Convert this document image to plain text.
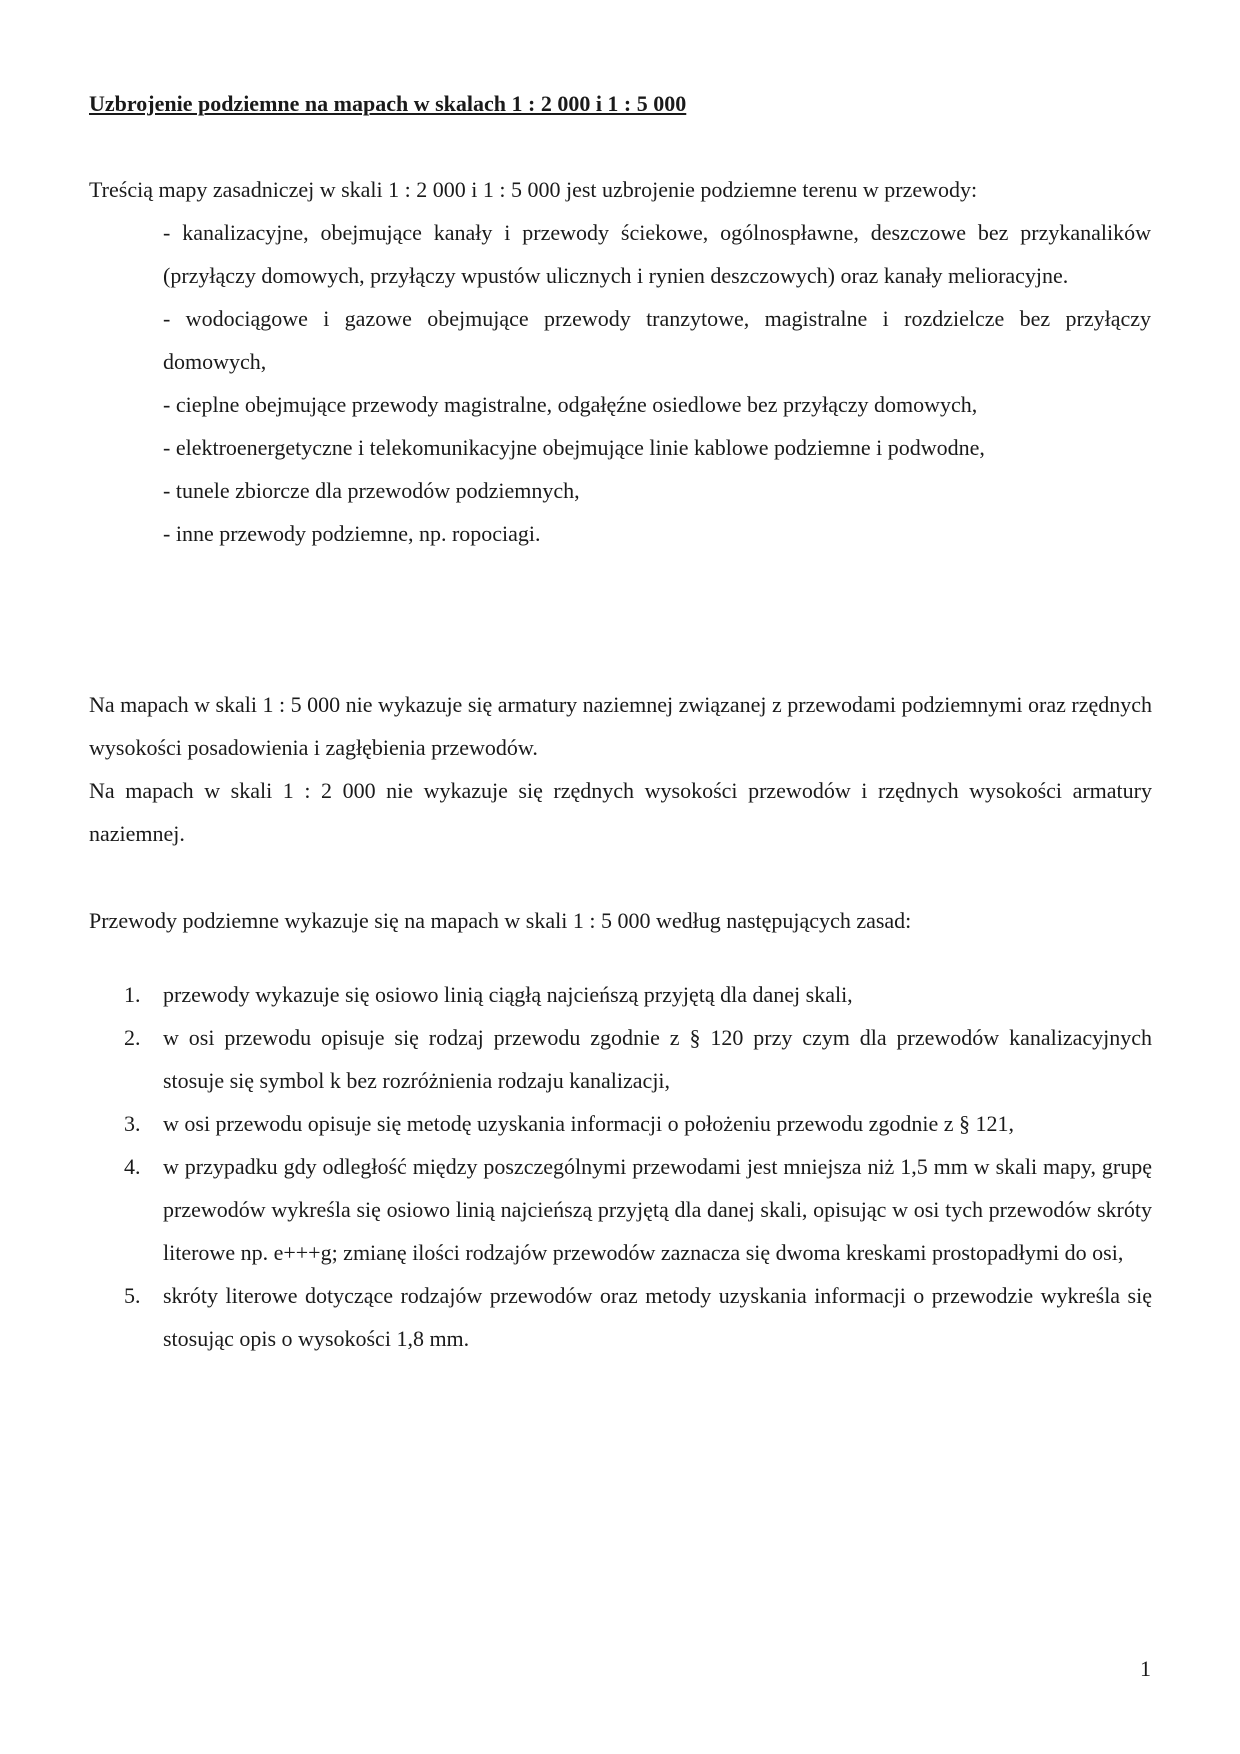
Uzbrojenie podziemne na mapach w skalach 1 : 2 000 i 1 : 5 000

Treścią mapy zasadniczej w skali 1 : 2 000 i 1 : 5 000 jest uzbrojenie podziemne terenu w przewody:

- kanalizacyjne, obejmujące kanały i przewody ściekowe, ogólnospławne, deszczowe bez przykanalików (przyłączy domowych, przyłączy wpustów ulicznych i rynien deszczowych) oraz kanały melioracyjne.
- wodociągowe i gazowe obejmujące przewody tranzytowe, magistralne i rozdzielcze bez przyłączy domowych,
- cieplne obejmujące przewody magistralne, odgałęźne osiedlowe bez przyłączy domowych,
- elektroenergetyczne i telekomunikacyjne obejmujące linie kablowe podziemne i podwodne,
- tunele zbiorcze dla przewodów podziemnych,
- inne przewody podziemne, np. ropociagi.

Na mapach w skali 1 : 5 000 nie wykazuje się armatury naziemnej związanej z przewodami podziemnymi oraz rzędnych wysokości posadowienia i zagłębienia przewodów.

Na mapach w skali 1 : 2 000 nie wykazuje się rzędnych wysokości przewodów i rzędnych wysokości armatury naziemnej.

Przewody podziemne wykazuje się na mapach w skali 1 : 5 000 według następujących zasad:

1. przewody wykazuje się osiowo linią ciągłą najcieńszą przyjętą dla danej skali,
2. w osi przewodu opisuje się rodzaj przewodu zgodnie z § 120 przy czym dla przewodów kanalizacyjnych stosuje się symbol k bez rozróżnienia rodzaju kanalizacji,
3. w osi przewodu opisuje się metodę uzyskania informacji o położeniu przewodu zgodnie z § 121,
4. w przypadku gdy odległość między poszczególnymi przewodami jest mniejsza niż 1,5 mm w skali mapy, grupę przewodów wykreśla się osiowo linią najcieńszą przyjętą dla danej skali, opisując w osi tych przewodów skróty literowe np. e+++g; zmianę ilości rodzajów przewodów zaznacza się dwoma kreskami prostopadłymi do osi,
5. skróty literowe dotyczące rodzajów przewodów oraz metody uzyskania informacji o przewodzie wykreśla się stosując opis o wysokości 1,8 mm.

1
